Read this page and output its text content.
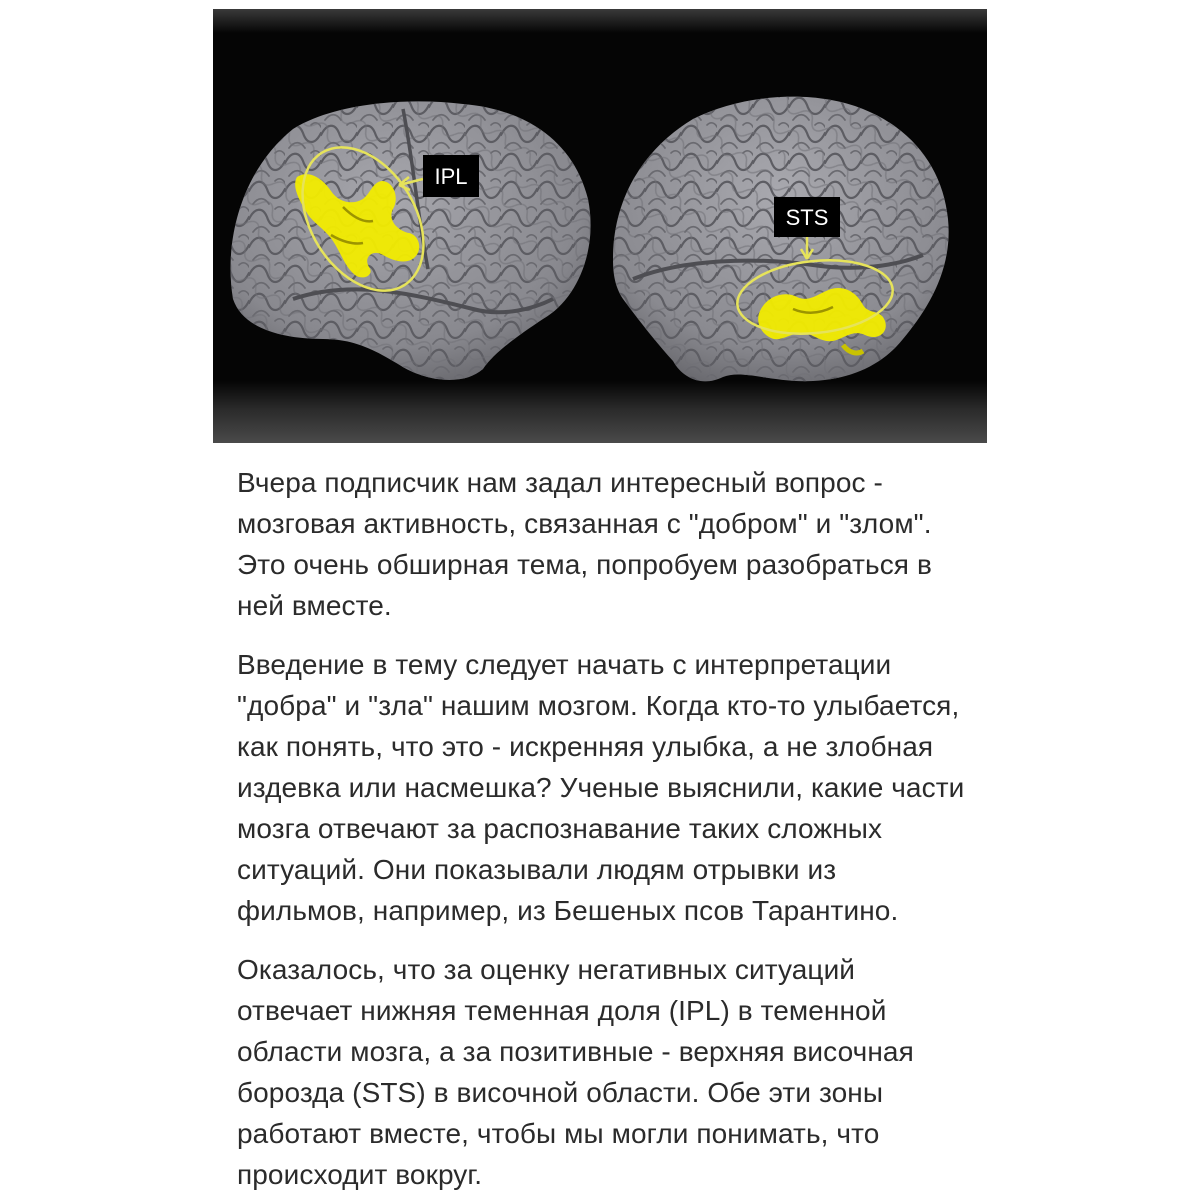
IPL
STS

Вчера подписчик нам задал интересный вопрос - мозговая активность, связанная с "добром" и "злом". Это очень обширная тема, попробуем разобраться в ней вместе.

Введение в тему следует начать с интерпретации "добра" и "зла" нашим мозгом. Когда кто-то улыбается, как понять, что это - искренняя улыбка, а не злобная издевка или насмешка? Ученые выяснили, какие части мозга отвечают за распознавание таких сложных ситуаций. Они показывали людям отрывки из фильмов, например, из Бешеных псов Тарантино.

Оказалось, что за оценку негативных ситуаций отвечает нижняя теменная доля (IPL) в теменной области мозга, а за позитивные - верхняя височная борозда (STS) в височной области. Обе эти зоны работают вместе, чтобы мы могли понимать, что происходит вокруг.
